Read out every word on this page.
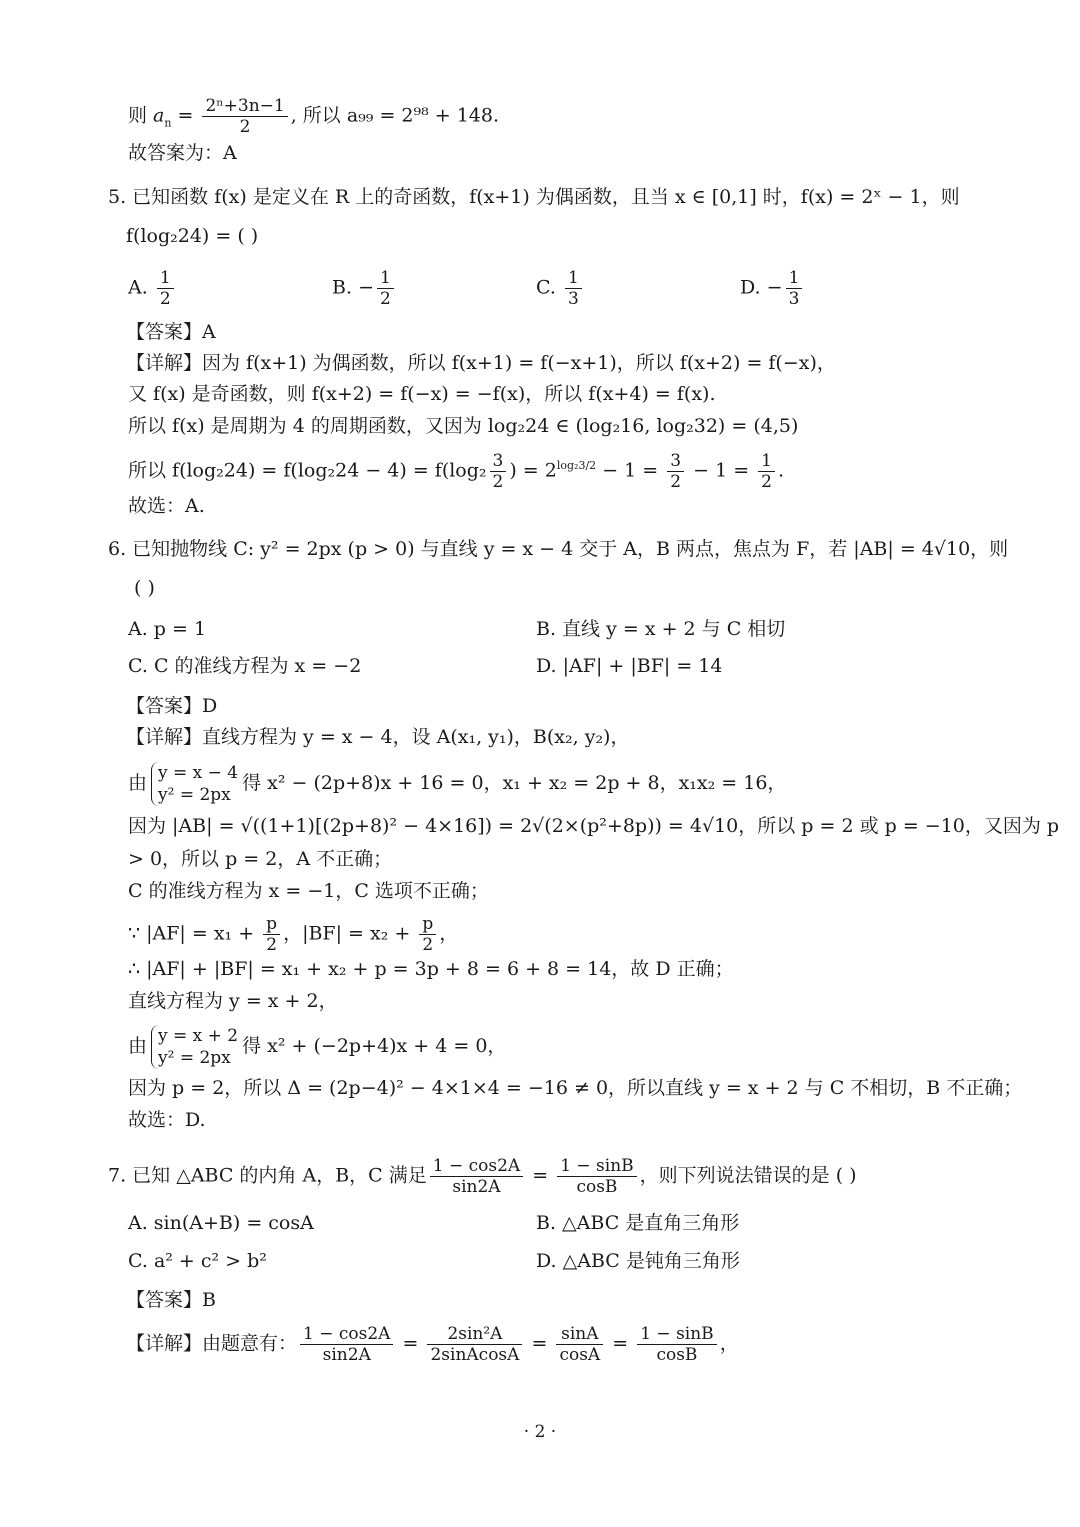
则 $a_n = \frac{\text{2ⁿ+3n−1}}{2}$ , 所以 a₉₉ = 2⁹⁸ + 148.
故答案为：A
5. 已知函数 f(x) 是定义在 R 上的奇函数，f(x+1) 为偶函数，且当 x ∈ [0,1] 时，f(x) = 2ˣ − 1，则
f(log₂24) = ( )
A. $\frac{1}{2}$	B. − $\frac{1}{2}$	C. $\frac{1}{3}$	D. − $\frac{1}{3}$
【答案】A
【详解】因为 f(x+1) 为偶函数，所以 f(x+1) = f(−x+1)，所以 f(x+2) = f(−x)，
又 f(x) 是奇函数，则 f(x+2) = f(−x) = −f(x)，所以 f(x+4) = f(x).
所以 f(x) 是周期为 4 的周期函数，又因为 log₂24 ∈ (log₂16, log₂32) = (4,5)
所以 $f(\log_224) = f(\log_224 - 4) = f(\log_2 \frac{3}{2}$ ) = $2^{log_23/2} - 1 = \frac{3}{2} - 1 = \frac{1}{2}$ .
故选：A.
6. 已知抛物线 C: y² = 2px (p > 0) 与直线 y = x − 4 交于 A，B 两点，焦点为 F，若 |AB| = 4√10，则
( )
A. p = 1	B. 直线 y = x + 2 与 C 相切
C. C 的准线方程为 x = −2	D. |AF| + |BF| = 14
【答案】D
【详解】直线方程为 y = x − 4，设 A(x₁, y₁)，B(x₂, y₂)，
由 y = x − 4
y² = 2px
得 x² − (2p+8)x + 16 = 0，x₁ + x₂ = 2p + 8，x₁x₂ = 16，
因为 |AB| = √((1+1)[(2p+8)² − 4×16]) = 2√(2×(p²+8p)) = 4√10，所以 p = 2 或 p = −10，又因为 p
> 0，所以 p = 2，A 不正确；
C 的准线方程为 x = −1，C 选项不正确；
∵ $|AF| = x_1 + \frac{p}{2}$ ，$|BF| = x_2 + \frac{p}{2}$ ，
∴ |AF| + |BF| = x₁ + x₂ + p = 3p + 8 = 6 + 8 = 14，故 D 正确；
直线方程为 y = x + 2，
由 y = x + 2
y² = 2px
得 x² + (−2p+4)x + 4 = 0，
因为 p = 2，所以 Δ = (2p−4)² − 4×1×4 = −16 ≠ 0，所以直线 y = x + 2 与 C 不相切，B 不正确；
故选：D.
7. 已知 △ABC 的内角 A，B，C 满足 $\frac{1 - \cos 2A}{\sin 2A} = \frac{1 - \sin B}{\cos B}$ ，则下列说法错误的是 ( )
A. sin(A+B) = cosA	B. △ABC 是直角三角形
C. a² + c² > b²	D. △ABC 是钝角三角形
【答案】B
【详解】由题意有： $\frac{1 - \cos 2A}{\sin 2A} = \frac{\text{2sin²A}}{\text{2sinAcosA}} = \frac{\sin A}{\cos A} = \frac{1 - \sin B}{\cos B}$ ，
· 2 ·
